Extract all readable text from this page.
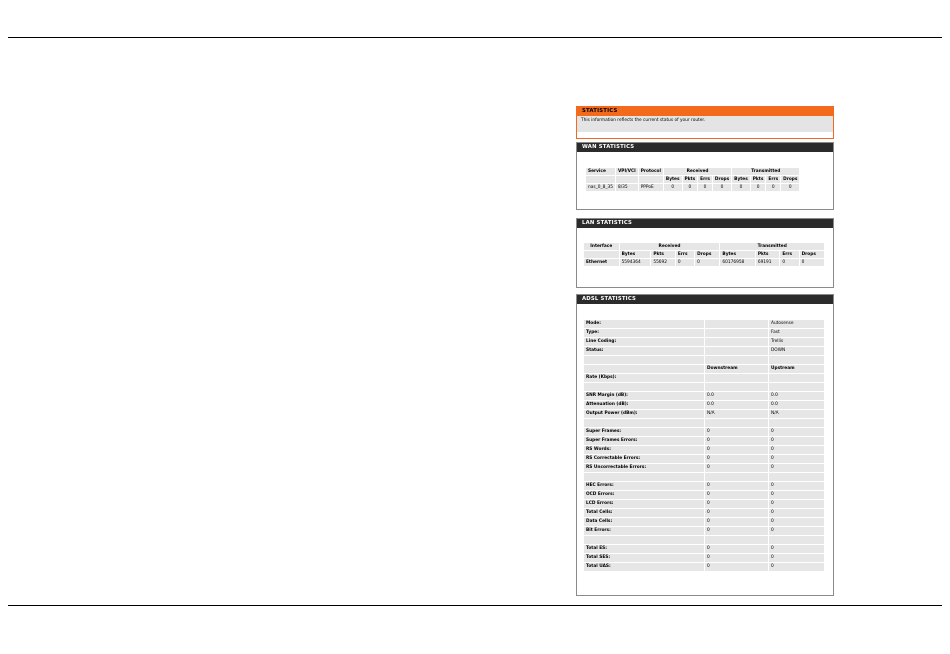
STATISTICS
This information reflects the current status of your router.
WAN STATISTICS
Service	VPI/VCI	Protocol	Received				Transmitted			
			Bytes	Pkts	Errs	Drops	Bytes	Pkts	Errs	Drops
nas_0_8_35	8/35	PPPoE	0	0	0	0	0	0	0	0
LAN STATISTICS
Interface	Received				Transmitted			
	Bytes	Pkts	Errs	Drops	Bytes	Pkts	Errs	Drops
Ethernet	5594364	55692	0	0	60176958	69191	0	0
ADSL STATISTICS
Mode:		Autosense
Type:		Fast
Line Coding:		Trellis
Status:		DOWN

	Downstream	Upstream
Rate (Kbps):		

SNR Margin (dB):	0.0	0.0
Attenuation (dB):	0.0	0.0
Output Power (dBm):	N/A	N/A

Super Frames:	0	0
Super Frames Errors:	0	0
RS Words:	0	0
RS Correctable Errors:	0	0
RS Uncorrectable Errors:	0	0

HEC Errors:	0	0
OCD Errors:	0	0
LCD Errors:	0	0
Total Cells:	0	0
Data Cells:	0	0
Bit Errors:	0	0

Total ES:	0	0
Total SES:	0	0
Total UAS:	0	0
